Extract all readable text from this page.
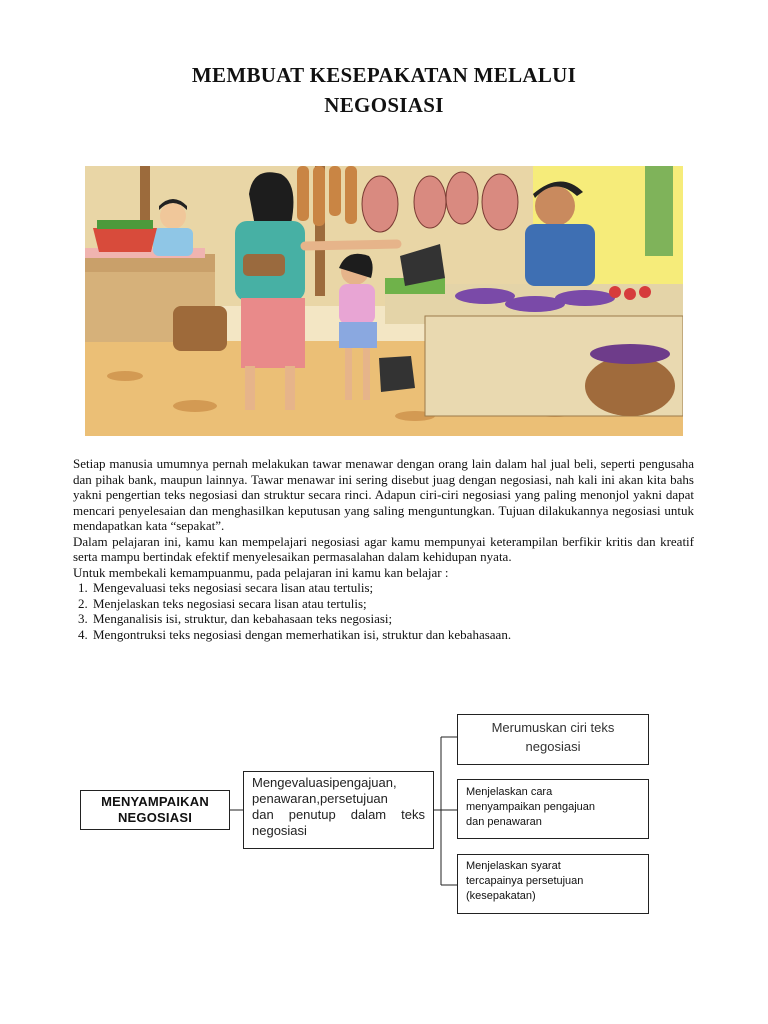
MEMBUAT KESEPAKATAN MELALUI
NEGOSIASI

Setiap manusia umumnya pernah melakukan tawar menawar dengan orang lain dalam hal jual beli, seperti pengusaha dan pihak bank, maupun lainnya. Tawar menawar ini sering disebut juag dengan negosiasi, nah kali ini akan kita bahs yakni pengertian teks negosiasi dan struktur secara rinci. Adapun ciri-ciri negosiasi yang paling menonjol yakni dapat mencari penyelesaian dan menghasilkan keputusan yang saling menguntungkan. Tujuan dilakukannya negosiasi untuk mendapatkan kata “sepakat”.

Dalam pelajaran ini, kamu kan mempelajari negosiasi agar kamu mempunyai keterampilan berfikir kritis dan kreatif serta mampu bertindak efektif menyelesaikan permasalahan dalam kehidupan nyata.

Untuk membekali kemampuanmu, pada pelajaran ini kamu kan belajar :

1. Mengevaluasi teks negosiasi secara lisan atau tertulis;
2. Menjelaskan teks negosiasi secara lisan atau tertulis;
3. Menganalisis isi, struktur, dan kebahasaan teks negosiasi;
4. Mengontruksi teks negosiasi dengan memerhatikan isi, struktur dan kebahasaan.
MENYAMPAIKAN
NEGOSIASI
Mengevaluasipengajuan,
penawaran,persetujuan
dan penutup dalam teks
negosiasi
Merumuskan ciri teks
negosiasi
Menjelaskan cara
menyampaikan pengajuan
dan penawaran
Menjelaskan syarat
tercapainya persetujuan
(kesepakatan)
